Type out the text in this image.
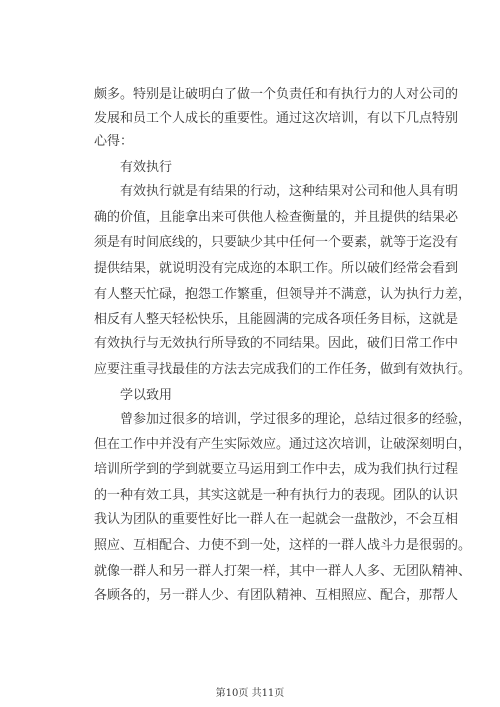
颇多。特别是让破明白了做一个负责任和有执行力的人对公司的
发展和员工个人成长的重要性。通过这次培训，有以下几点特别
心得：
　　有效执行
　　有效执行就是有结果的行动，这种结果对公司和他人具有明
确的价值，且能拿出来可供他人检查衡量的，并且提供的结果必
须是有时间底线的，只要缺少其中任何一个要素，就等于迄没有
提供结果，就说明没有完成迩的本职工作。所以破们经常会看到
有人整天忙碌，抱怨工作繁重，但领导并不满意，认为执行力差，
相反有人整天轻松快乐，且能圆满的完成各项任务目标，这就是
有效执行与无效执行所导致的不同结果。因此，破们日常工作中
应要注重寻找最佳的方法去完成我们的工作任务，做到有效执行。
　　学以致用
　　曾参加过很多的培训，学过很多的理论，总结过很多的经验，
但在工作中并没有产生实际效应。通过这次培训，让破深刻明白，
培训所学到的学到就要立马运用到工作中去，成为我们执行过程
的一种有效工具，其实这就是一种有执行力的表现。团队的认识
我认为团队的重要性好比一群人在一起就会一盘散沙，不会互相
照应、互相配合、力使不到一处，这样的一群人战斗力是很弱的。
就像一群人和另一群人打架一样，其中一群人人多、无团队精神、
各顾各的，另一群人少、有团队精神、互相照应、配合，那帮人
第10页 共11页
